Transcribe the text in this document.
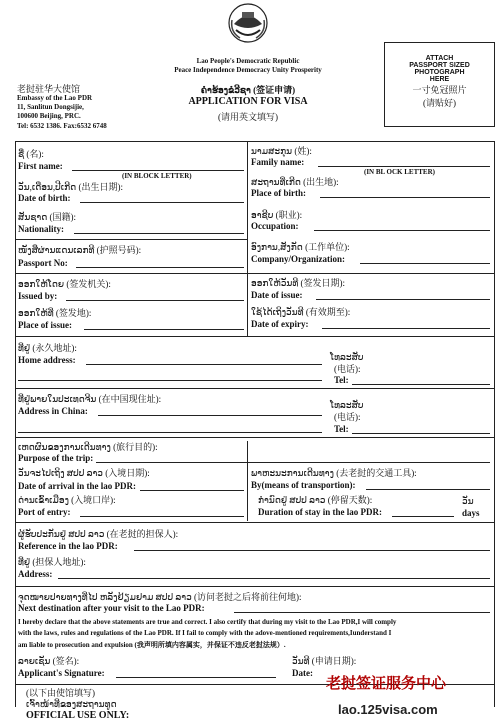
老挝驻华大使馆
Embassy of the Lao PDR
11, Sanlitun Dongsijie,
100600 Beijing, PRC.
Tel: 6532 1386. Fax:6532 6748
Lao People's Democratic Republic
Peace Independence Democracy Unity Prosperity
ຄຳຮ້ອງຂໍວີຊາ (签证申请)
APPLICATION FOR VISA
(请用英文填写)
ATTACH
PASSPORT SIZED
PHOTOGRAPH
HERE
一寸免冠照片
(请贴好)
ຊື່ (名):
First name:
(IN BLOCK LETTER)
ນາມສະກຸນ (姓):
Family name:
(IN BL OCK LETTER)
ວັນ,ເດືອນ,ປີເກີດ (出生日期):
Date of birth:
ສະຖານທີ່ເກີດ (出生地):
Place of birth:
ສັນຊາດ (国籍):
Nationality:
ອາຊີບ (职业):
Occupation:
ອົງການ,ສັງກັດ (工作单位):
Company/Organization:
ໜັງສືຜ່ານແດນເລກທີ (护照号码):
Passport No:
ອອກໃຫ້ໂດຍ (签发机关):
Issued by:
ອອກໃຫ້ວັນທີ (签发日期):
Date of issue:
ອອກໃຫ້ທີ່ (签发地):
Place of issue:
ໃຊ້ໄດ້ເຖິງວັນທີ (有效期至):
Date of expiry:
ທີ່ຢູ່ (永久地址):
Home address:	ໂທລະສັບ
(电话):
Tel:
ທີ່ຢູ່ພາຍໃນປະເທດຈີນ (在中国现住址):
Address in China:
ໂທລະສັບ
(电话):
Tel:
ເຫດຜົນຂອງການເດີນທາງ (旅行目的):
Purpose of the trip:
ວັນຈະໄປເຖິງ ສປປ ລາວ (入境日期):
Date of arrival in the lao PDR:
ພາຫະນະການເດີນທາງ (去老挝的交通工具):
By(means of transportion):
ດ່ານເຂົ້າເມືອງ (入境口岸):
Port of entry:
ກຳນົດຢູ່ ສປປ ລາວ (停留天数):
Duration of stay in the lao PDR:
ວັນ
days
ຜູ້ຮັບປະກັນຢູ່ ສປປ ລາວ (在老挝的担保人):
Reference in the lao PDR:
ທີ່ຢູ່ (担保人地址):
Address:
ຈຸດໝາຍປາຍທາງທີ່ໄປ ຫລັງຢ້ຽມຢາມ ສປປ ລາວ (访问老挝之后将前往何地):
Next destination after your visit to the Lao PDR:
I hereby declare that the above statements are true and correct. I also certify that during my visit to the Lao PDR,I will comply
with the laws, rules and regulations of the Lao PDR. If I fail to comply with the adove-mentioned requirements,Iunderstand I
am liable to prosecution and expulsion (我声明所填内容属实，并保证不违反老挝法规）.
ລາຍເຊັນ (签名):
Applicant's Signature:
ວັນທີ (申请日期):
Date:
(以下由使馆填写)
ເຈົ້າໜ້າທີ່ຂອງສະຖານທູດ
OFFICIAL USE ONLY:
老挝签证服务中心
lao.125visa.com
